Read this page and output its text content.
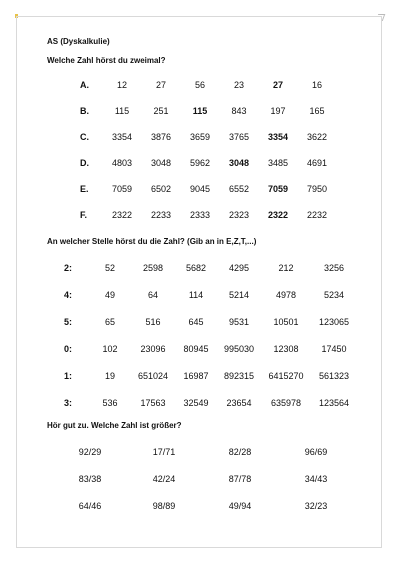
AS (Dyskalkulie)
Welche Zahl hörst du zweimal?
An welcher Stelle hörst du die Zahl? (Gib an in E,Z,T,...)
Hör gut zu. Welche Zahl ist größer?
A.	12	27	56	23	27	16
B.	115	251	115	843	197	165
C.	3354	3876	3659	3765	3354	3622
D.	4803	3048	5962	3048	3485	4691
E.	7059	6502	9045	6552	7059	7950
F.	2322	2233	2333	2323	2322	2232
2:	52	2598	5682	4295	212	3256
4:	49	64	114	5214	4978	5234
5:	65	516	645	9531	10501	123065
0:	102	23096	80945	995030	12308	17450
1:	19	651024	16987	892315	6415270	561323
3:	536	17563	32549	23654	635978	123564
92/29	17/71	82/28	96/69
83/38	42/24	87/78	34/43
64/46	98/89	49/94	32/23
